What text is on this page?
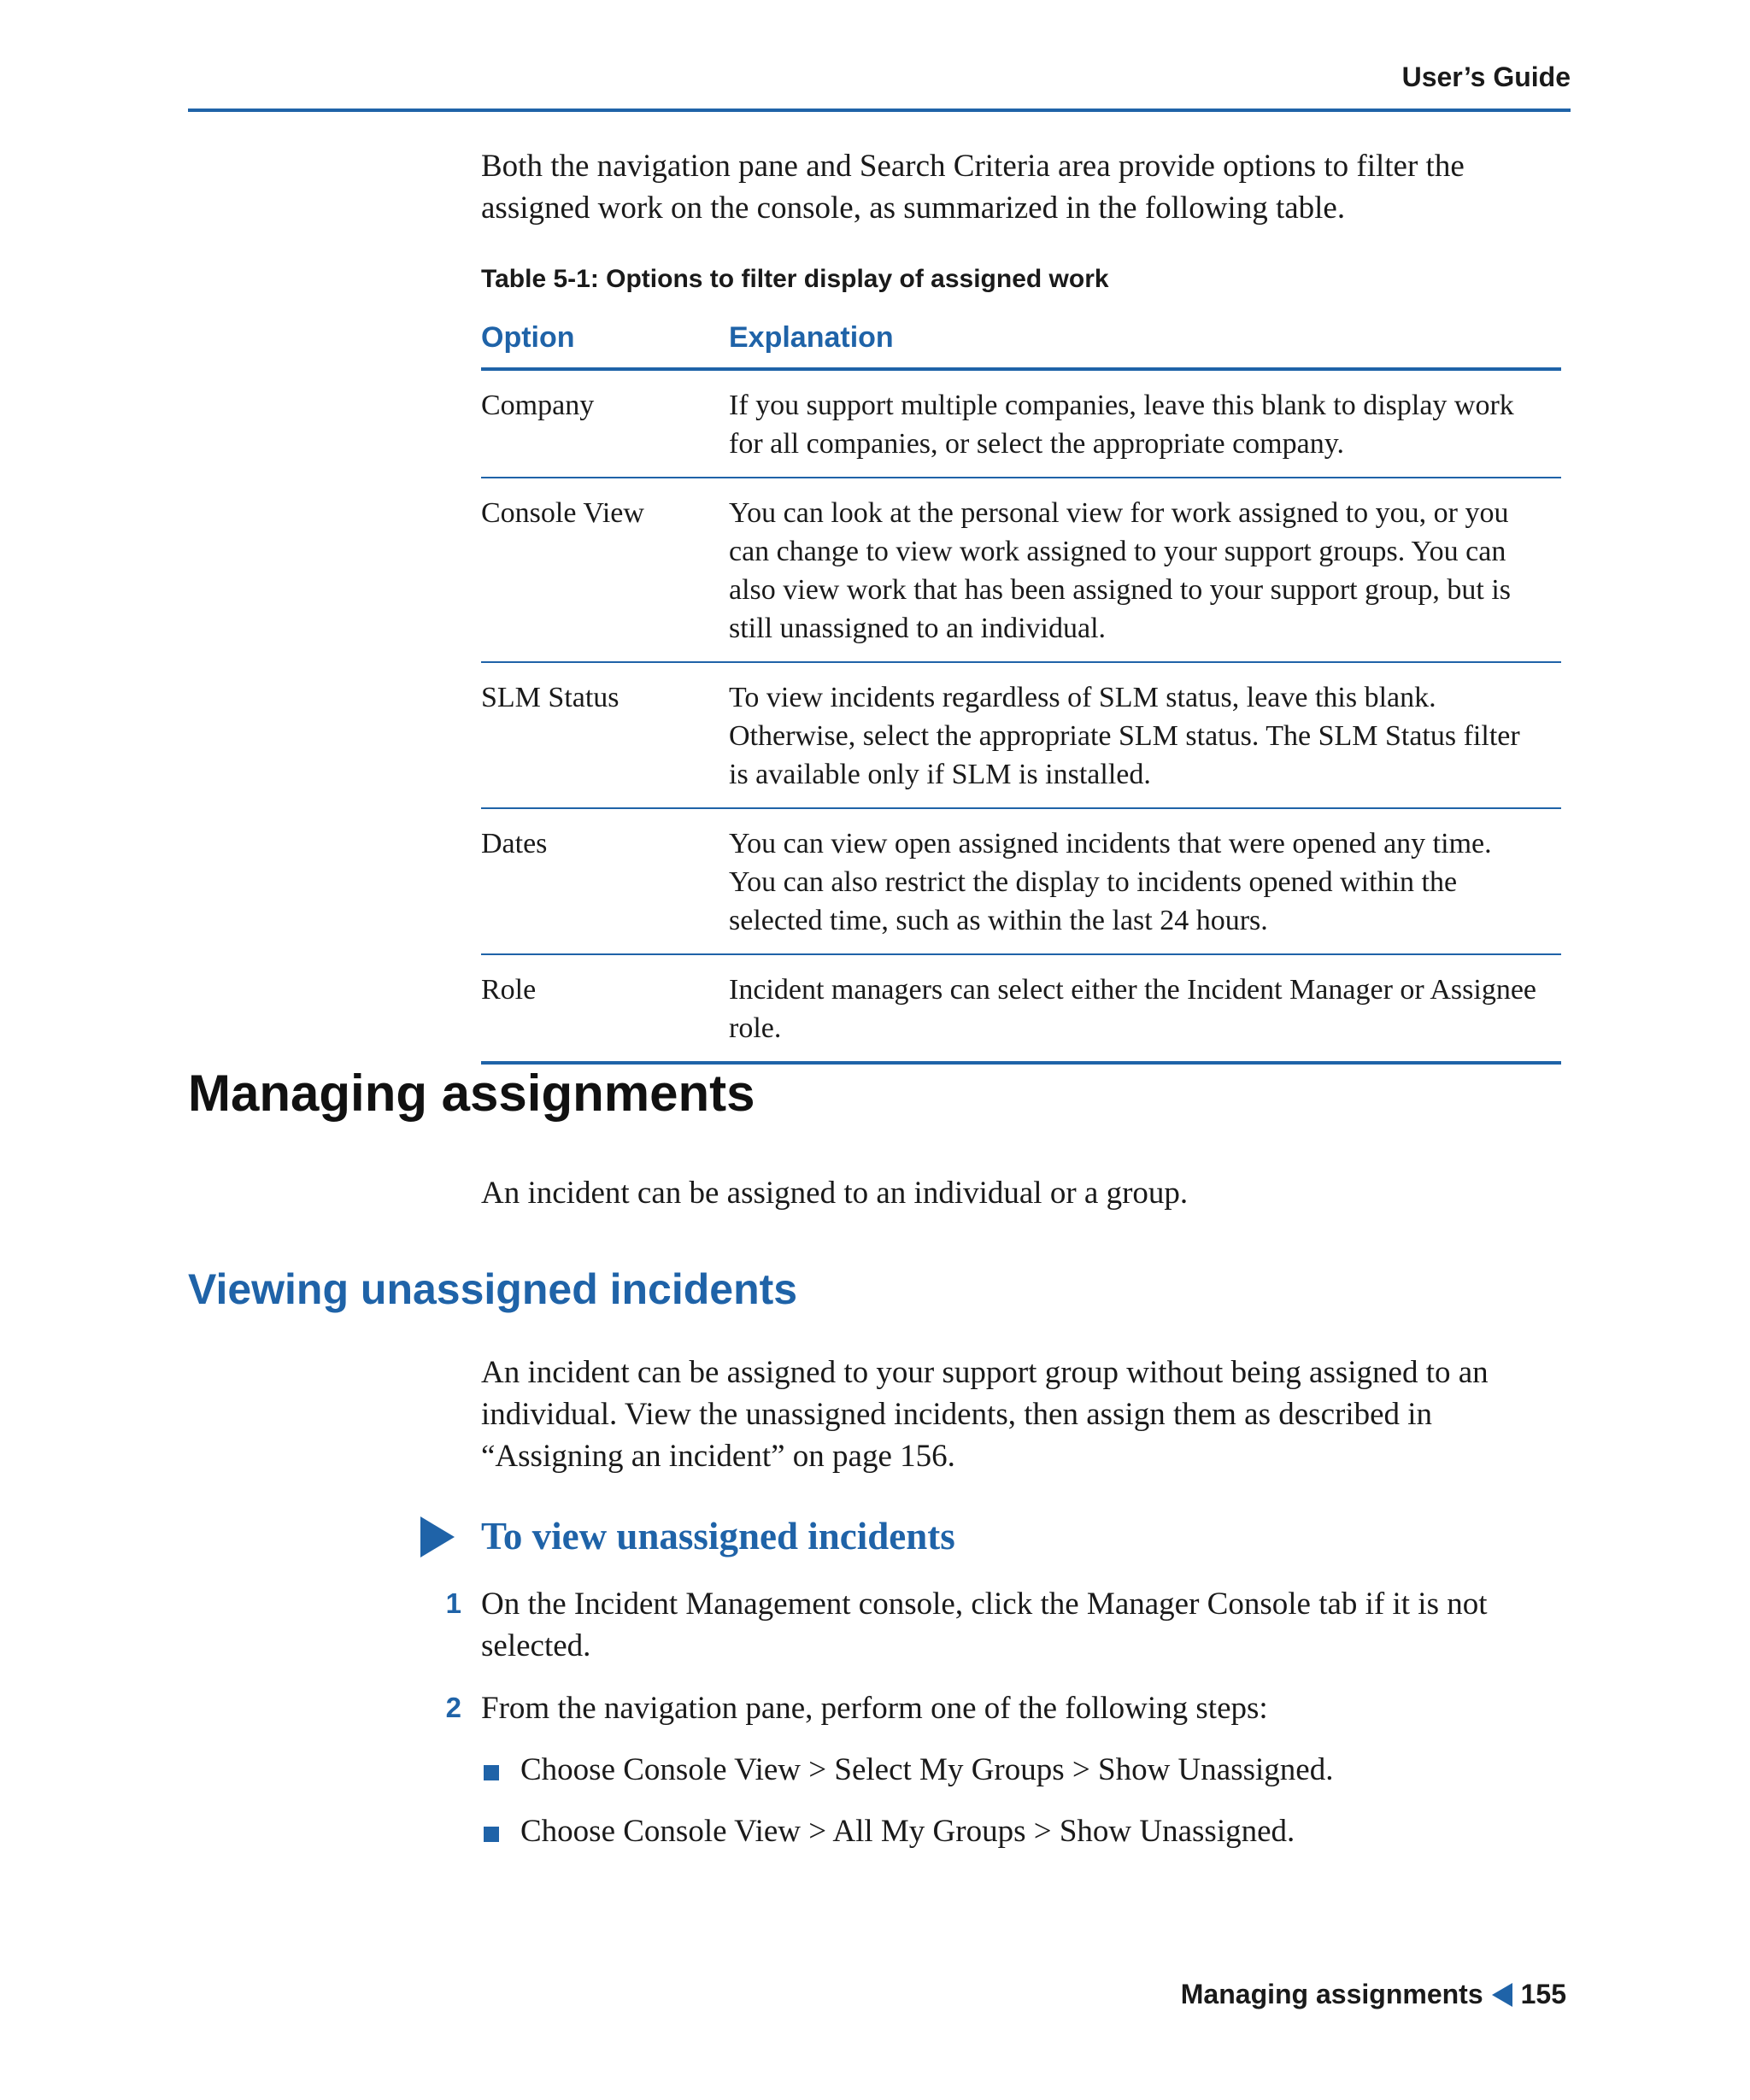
User’s Guide
Both the navigation pane and Search Criteria area provide options to filter the assigned work on the console, as summarized in the following table.
Table 5-1: Options to filter display of assigned work
Option	Explanation
Company	If you support multiple companies, leave this blank to display work for all companies, or select the appropriate company.
Console View	You can look at the personal view for work assigned to you, or you can change to view work assigned to your support groups. You can also view work that has been assigned to your support group, but is still unassigned to an individual.
SLM Status	To view incidents regardless of SLM status, leave this blank. Otherwise, select the appropriate SLM status. The SLM Status filter is available only if SLM is installed.
Dates	You can view open assigned incidents that were opened any time. You can also restrict the display to incidents opened within the selected time, such as within the last 24 hours.
Role	Incident managers can select either the Incident Manager or Assignee role.
Managing assignments
An incident can be assigned to an individual or a group.
Viewing unassigned incidents
An incident can be assigned to your support group without being assigned to an individual. View the unassigned incidents, then assign them as described in “Assigning an incident” on page 156.
To view unassigned incidents
1 On the Incident Management console, click the Manager Console tab if it is not selected.
2 From the navigation pane, perform one of the following steps:
Choose Console View > Select My Groups > Show Unassigned.
Choose Console View > All My Groups > Show Unassigned.
Managing assignments 155
